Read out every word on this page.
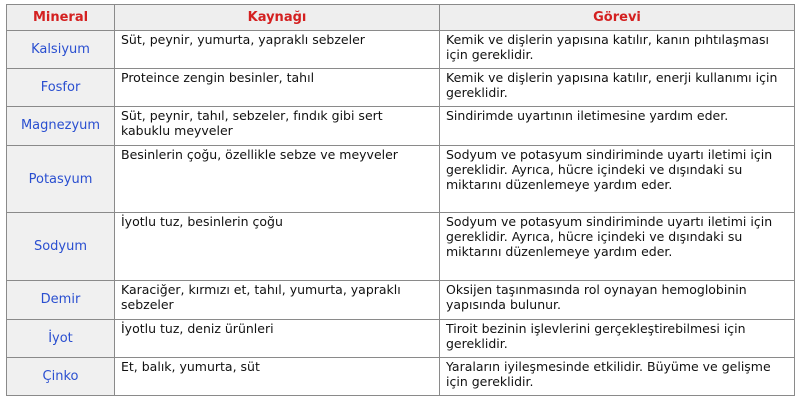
Mineral	Kaynağı	Görevi
Kalsiyum	Süt, peynir, yumurta, yapraklı sebzeler	Kemik ve dişlerin yapısına katılır, kanın pıhtılaşması için gereklidir.
Fosfor	Proteince zengin besinler, tahıl	Kemik ve dişlerin yapısına katılır, enerji kullanımı için gereklidir.
Magnezyum	Süt, peynir, tahıl, sebzeler, fındık gibi sert kabuklu meyveler	Sindirimde uyartının iletimesine yardım eder.
Potasyum	Besinlerin çoğu, özellikle sebze ve meyveler	Sodyum ve potasyum sindiriminde uyartı iletimi için gereklidir. Ayrıca, hücre içindeki ve dışındaki su miktarını düzenlemeye yardım eder.
Sodyum	İyotlu tuz, besinlerin çoğu	Sodyum ve potasyum sindiriminde uyartı iletimi için gereklidir. Ayrıca, hücre içindeki ve dışındaki su miktarını düzenlemeye yardım eder.
Demir	Karaciğer, kırmızı et, tahıl, yumurta, yapraklı sebzeler	Oksijen taşınmasında rol oynayan hemoglobinin yapısında bulunur.
İyot	İyotlu tuz, deniz ürünleri	Tiroit bezinin işlevlerini gerçekleştirebilmesi için gereklidir.
Çinko	Et, balık, yumurta, süt	Yaraların iyileşmesinde etkilidir. Büyüme ve gelişme için gereklidir.
